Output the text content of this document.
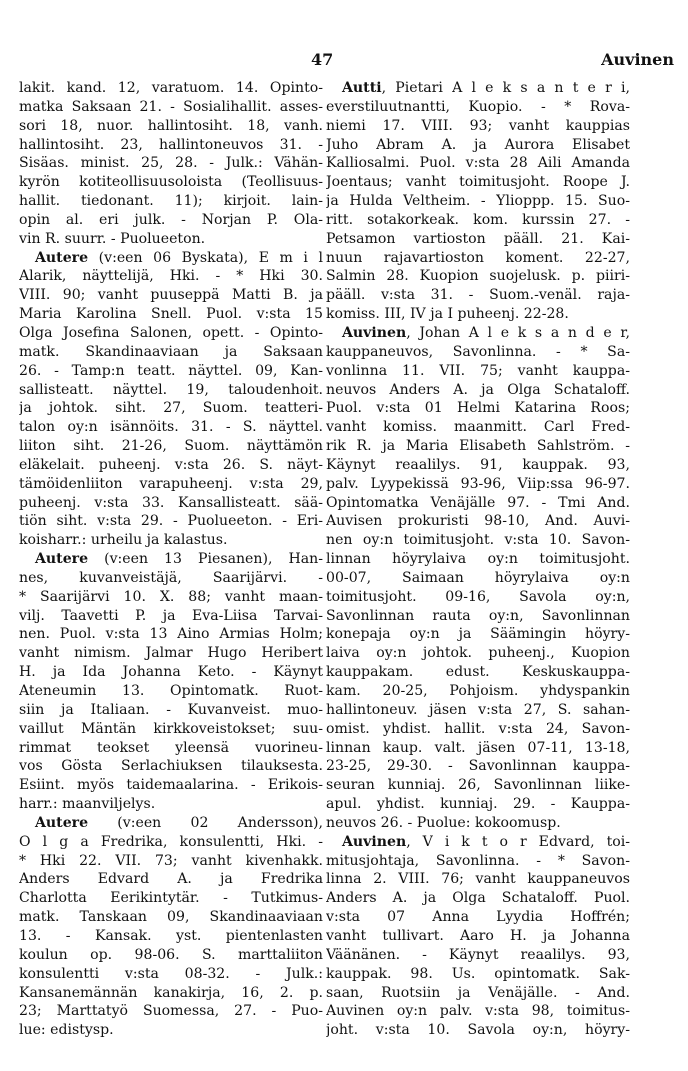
47	Auvinen
lakit. kand. 12, varatuom. 14. Opinto-
matka Saksaan 21. - Sosialihallit. asses-
sori 18, nuor. hallintosiht. 18, vanh.
hallintosiht. 23, hallintoneuvos 31. -
Sisäas. minist. 25, 28. - Julk.: Vähän-
kyrön kotiteollisuusoloista (Teollisuus-
hallit. tiedonant. 11); kirjoit. lain-
opin al. eri julk. - Norjan P. Ola-
vin R. suurr. - Puolueeton.
Autere (v:een 06 Byskata), E m i l
Alarik, näyttelijä, Hki. - * Hki 30.
VIII. 90; vanht puuseppä Matti B. ja
Maria Karolina Snell. Puol. v:sta 15
Olga Josefina Salonen, opett. - Opinto-
matk. Skandinaaviaan ja Saksaan
26. - Tamp:n teatt. näyttel. 09, Kan-
sallisteatt. näyttel. 19, taloudenhoit.
ja johtok. siht. 27, Suom. teatteri-
talon oy:n isännöits. 31. - S. näyttel.
liiton siht. 21-26, Suom. näyttämön
eläkelait. puheenj. v:sta 26. S. näyt-
tämöidenliiton varapuheenj. v:sta 29,
puheenj. v:sta 33. Kansallisteatt. sää-
tiön siht. v:sta 29. - Puolueeton. - Eri-
koisharr.: urheilu ja kalastus.
Autere (v:een 13 Piesanen), Han-
nes, kuvanveistäjä, Saarijärvi. -
* Saarijärvi 10. X. 88; vanht maan-
vilj. Taavetti P. ja Eva-Liisa Tarvai-
nen. Puol. v:sta 13 Aino Armias Holm;
vanht nimism. Jalmar Hugo Heribert
H. ja Ida Johanna Keto. - Käynyt
Ateneumin 13. Opintomatk. Ruot-
siin ja Italiaan. - Kuvanveist. muo-
vaillut Mäntän kirkkoveistokset; suu-
rimmat teokset yleensä vuorineu-
vos Gösta Serlachiuksen tilauksesta.
Esiint. myös taidemaalarina. - Erikois-
harr.: maanviljelys.
Autere (v:een 02 Andersson),
O l g a Fredrika, konsulentti, Hki. -
* Hki 22. VII. 73; vanht kivenhakk.
Anders Edvard A. ja Fredrika
Charlotta Eerikintytär. - Tutkimus-
matk. Tanskaan 09, Skandinaaviaan
13. - Kansak. yst. pientenlasten
koulun op. 98-06. S. marttaliiton
konsulentti v:sta 08-32. - Julk.:
Kansanemännän kanakirja, 16, 2. p.
23; Marttatyö Suomessa, 27. - Puo-
lue: edistysp.
Autti, Pietari A l e k s a n t e r i,
everstiluutnantti, Kuopio. - * Rova-
niemi 17. VIII. 93; vanht kauppias
Juho Abram A. ja Aurora Elisabet
Kalliosalmi. Puol. v:sta 28 Aili Amanda
Joentaus; vanht toimitusjoht. Roope J.
ja Hulda Veltheim. - Ylioppp. 15. Suo-
ritt. sotakorkeak. kom. kurssin 27. -
Petsamon vartioston pääll. 21. Kai-
nuun rajavartioston koment. 22-27,
Salmin 28. Kuopion suojelusk. p. piiri-
pääll. v:sta 31. - Suom.-venäl. raja-
komiss. III, IV ja I puheenj. 22-28.
Auvinen, Johan A l e k s a n d e r,
kauppaneuvos, Savonlinna. - * Sa-
vonlinna 11. VII. 75; vanht kauppa-
neuvos Anders A. ja Olga Schataloff.
Puol. v:sta 01 Helmi Katarina Roos;
vanht komiss. maanmitt. Carl Fred-
rik R. ja Maria Elisabeth Sahlström. -
Käynyt reaalilys. 91, kauppak. 93,
palv. Lyypekissä 93-96, Viip:ssa 96-97.
Opintomatka Venäjälle 97. - Tmi And.
Auvisen prokuristi 98-10, And. Auvi-
nen oy:n toimitusjoht. v:sta 10. Savon-
linnan höyrylaiva oy:n toimitusjoht.
00-07, Saimaan höyrylaiva oy:n
toimitusjoht. 09-16, Savola oy:n,
Savonlinnan rauta oy:n, Savonlinnan
konepaja oy:n ja Säämingin höyry-
laiva oy:n johtok. puheenj., Kuopion
kauppakam. edust. Keskuskauppa-
kam. 20-25, Pohjoism. yhdyspankin
hallintoneuv. jäsen v:sta 27, S. sahan-
omist. yhdist. hallit. v:sta 24, Savon-
linnan kaup. valt. jäsen 07-11, 13-18,
23-25, 29-30. - Savonlinnan kauppa-
seuran kunniaj. 26, Savonlinnan liike-
apul. yhdist. kunniaj. 29. - Kauppa-
neuvos 26. - Puolue: kokoomusp.
Auvinen, V i k t o r Edvard, toi-
mitusjohtaja, Savonlinna. - * Savon-
linna 2. VIII. 76; vanht kauppaneuvos
Anders A. ja Olga Schataloff. Puol.
v:sta 07 Anna Lyydia Hoffrén;
vanht tullivart. Aaro H. ja Johanna
Väänänen. - Käynyt reaalilys. 93,
kauppak. 98. Us. opintomatk. Sak-
saan, Ruotsiin ja Venäjälle. - And.
Auvinen oy:n palv. v:sta 98, toimitus-
joht. v:sta 10. Savola oy:n, höyry-
